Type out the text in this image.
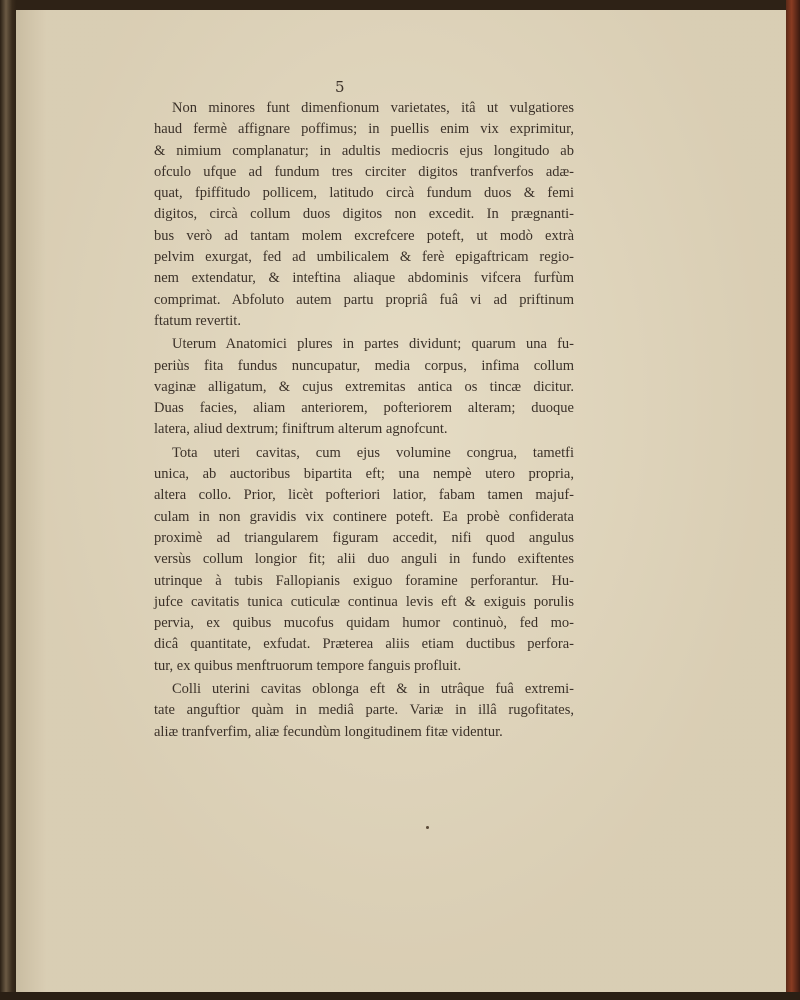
5
Non minores funt dimenfionum varietates, itâ ut vulgatiores
haud fermè affignare poffimus; in puellis enim vix exprimitur,
& nimium complanatur; in adultis mediocris ejus longitudo ab
ofculo ufque ad fundum tres circiter digitos tranfverfos adæ-
quat, fpiffitudo pollicem, latitudo circà fundum duos & femi
digitos, circà collum duos digitos non excedit. In prægnanti-
bus verò ad tantam molem excrefcere poteft, ut modò extrà
pelvim exurgat, fed ad umbilicalem & ferè epigaftricam regio-
nem extendatur, & inteftina aliaque abdominis vifcera furfùm
comprimat. Abfoluto autem partu propriâ fuâ vi ad priftinum
ftatum revertit.
Uterum Anatomici plures in partes dividunt; quarum una fu-
periùs fita fundus nuncupatur, media corpus, infima collum
vaginæ alligatum, & cujus extremitas antica os tincæ dicitur.
Duas facies, aliam anteriorem, pofteriorem alteram; duoque
latera, aliud dextrum; finiftrum alterum agnofcunt.
Tota uteri cavitas, cum ejus volumine congrua, tametfi
unica, ab auctoribus bipartita eft; una nempè utero propria,
altera collo. Prior, licèt pofteriori latior, fabam tamen majuf-
culam in non gravidis vix continere poteft. Ea probè confiderata
proximè ad triangularem figuram accedit, nifi quod angulus
versùs collum longior fit; alii duo anguli in fundo exiftentes
utrinque à tubis Fallopianis exiguo foramine perforantur. Hu-
jufce cavitatis tunica cuticulæ continua levis eft & exiguis porulis
pervia, ex quibus mucofus quidam humor continuò, fed mo-
dicâ quantitate, exfudat. Præterea aliis etiam ductibus perfora-
tur, ex quibus menftruorum tempore fanguis profluit.
Colli uterini cavitas oblonga eft & in utrâque fuâ extremi-
tate anguftior quàm in mediâ parte. Variæ in illâ rugofitates,
aliæ tranfverfim, aliæ fecundùm longitudinem fitæ videntur.
